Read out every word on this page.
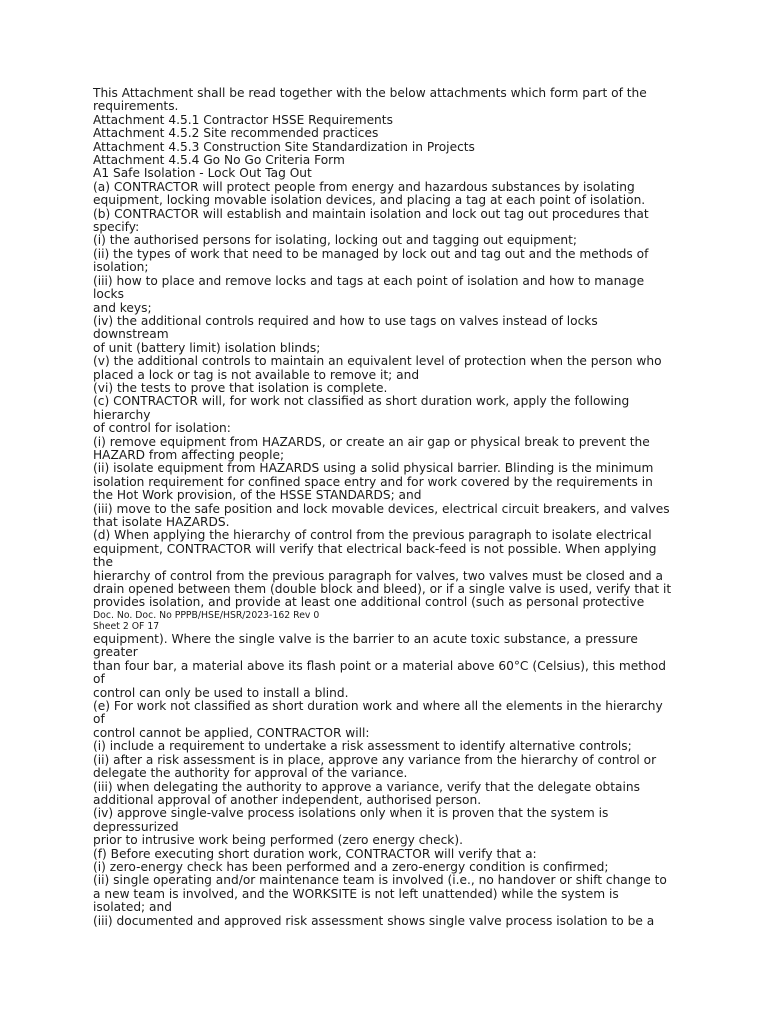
This Attachment shall be read together with the below attachments which form part of the
requirements.
Attachment 4.5.1 Contractor HSSE Requirements
Attachment 4.5.2 Site recommended practices
Attachment 4.5.3 Construction Site Standardization in Projects
Attachment 4.5.4 Go No Go Criteria Form
A1 Safe Isolation - Lock Out Tag Out
(a) CONTRACTOR will protect people from energy and hazardous substances by isolating
equipment, locking movable isolation devices, and placing a tag at each point of isolation.
(b) CONTRACTOR will establish and maintain isolation and lock out tag out procedures that
specify:
(i) the authorised persons for isolating, locking out and tagging out equipment;
(ii) the types of work that need to be managed by lock out and tag out and the methods of
isolation;
(iii) how to place and remove locks and tags at each point of isolation and how to manage
locks
and keys;
(iv) the additional controls required and how to use tags on valves instead of locks
downstream
of unit (battery limit) isolation blinds;
(v) the additional controls to maintain an equivalent level of protection when the person who
placed a lock or tag is not available to remove it; and
(vi) the tests to prove that isolation is complete.
(c) CONTRACTOR will, for work not classified as short duration work, apply the following
hierarchy
of control for isolation:
(i) remove equipment from HAZARDS, or create an air gap or physical break to prevent the
HAZARD from affecting people;
(ii) isolate equipment from HAZARDS using a solid physical barrier. Blinding is the minimum
isolation requirement for confined space entry and for work covered by the requirements in
the Hot Work provision, of the HSSE STANDARDS; and
(iii) move to the safe position and lock movable devices, electrical circuit breakers, and valves
that isolate HAZARDS.
(d) When applying the hierarchy of control from the previous paragraph to isolate electrical
equipment, CONTRACTOR will verify that electrical back-feed is not possible. When applying
the
hierarchy of control from the previous paragraph for valves, two valves must be closed and a
drain opened between them (double block and bleed), or if a single valve is used, verify that it
provides isolation, and provide at least one additional control (such as personal protective
Doc. No. Doc. No PPPB/HSE/HSR/2023-162 Rev 0
Sheet 2 OF 17
equipment). Where the single valve is the barrier to an acute toxic substance, a pressure
greater
than four bar, a material above its flash point or a material above 60°C (Celsius), this method
of
control can only be used to install a blind.
(e) For work not classified as short duration work and where all the elements in the hierarchy
of
control cannot be applied, CONTRACTOR will:
(i) include a requirement to undertake a risk assessment to identify alternative controls;
(ii) after a risk assessment is in place, approve any variance from the hierarchy of control or
delegate the authority for approval of the variance.
(iii) when delegating the authority to approve a variance, verify that the delegate obtains
additional approval of another independent, authorised person.
(iv) approve single-valve process isolations only when it is proven that the system is
depressurized
prior to intrusive work being performed (zero energy check).
(f) Before executing short duration work, CONTRACTOR will verify that a:
(i) zero-energy check has been performed and a zero-energy condition is confirmed;
(ii) single operating and/or maintenance team is involved (i.e., no handover or shift change to
a new team is involved, and the WORKSITE is not left unattended) while the system is
isolated; and
(iii) documented and approved risk assessment shows single valve process isolation to be a
